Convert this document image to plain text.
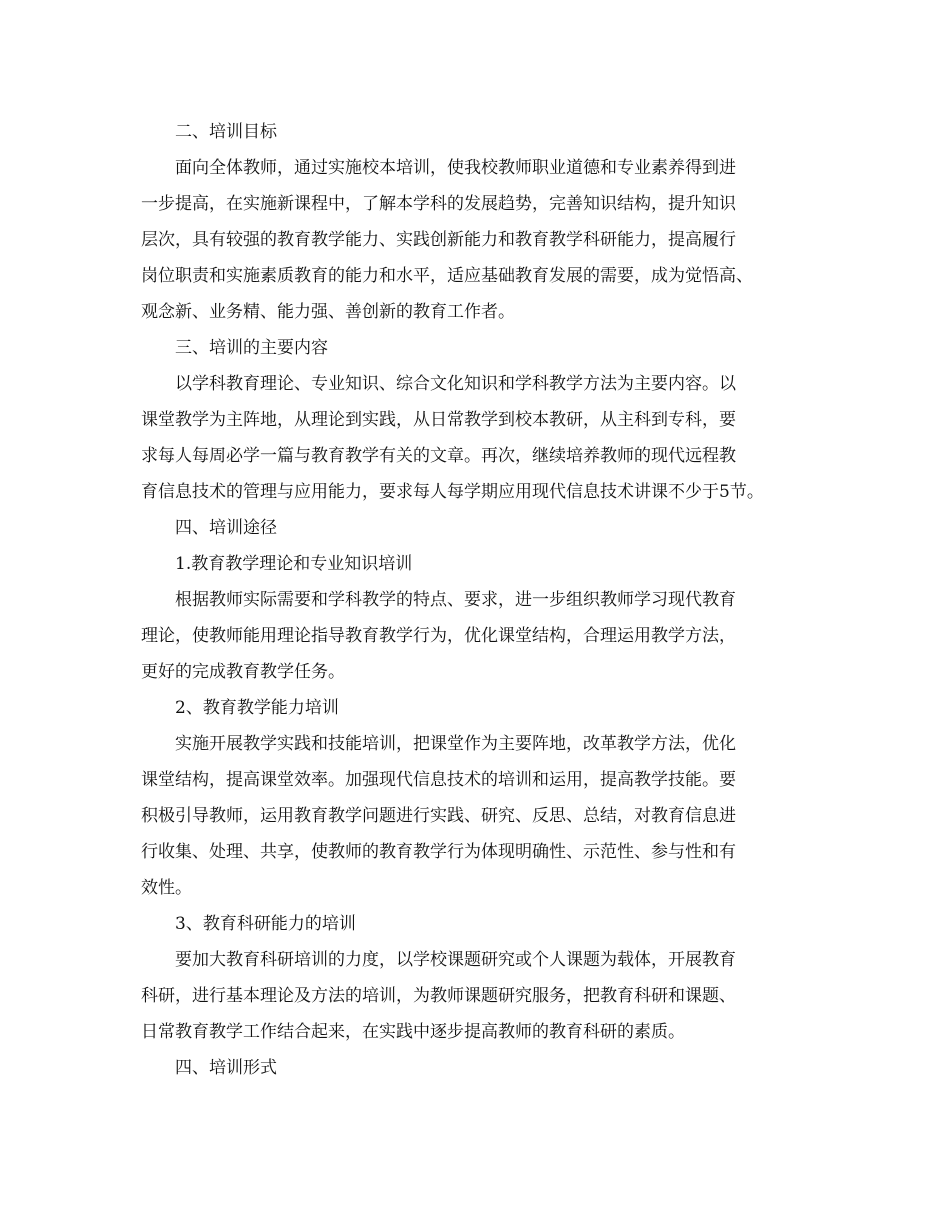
二、培训目标
面向全体教师，通过实施校本培训，使我校教师职业道德和专业素养得到进
一步提高，在实施新课程中，了解本学科的发展趋势，完善知识结构，提升知识
层次，具有较强的教育教学能力、实践创新能力和教育教学科研能力，提高履行
岗位职责和实施素质教育的能力和水平，适应基础教育发展的需要，成为觉悟高、
观念新、业务精、能力强、善创新的教育工作者。
三、培训的主要内容
以学科教育理论、专业知识、综合文化知识和学科教学方法为主要内容。以
课堂教学为主阵地，从理论到实践，从日常教学到校本教研，从主科到专科，要
求每人每周必学一篇与教育教学有关的文章。再次，继续培养教师的现代远程教
育信息技术的管理与应用能力，要求每人每学期应用现代信息技术讲课不少于5节。
四、培训途径
1.教育教学理论和专业知识培训
根据教师实际需要和学科教学的特点、要求，进一步组织教师学习现代教育
理论，使教师能用理论指导教育教学行为，优化课堂结构，合理运用教学方法，
更好的完成教育教学任务。
2、教育教学能力培训
实施开展教学实践和技能培训，把课堂作为主要阵地，改革教学方法，优化
课堂结构，提高课堂效率。加强现代信息技术的培训和运用，提高教学技能。要
积极引导教师，运用教育教学问题进行实践、研究、反思、总结，对教育信息进
行收集、处理、共享，使教师的教育教学行为体现明确性、示范性、参与性和有
效性。
3、教育科研能力的培训
要加大教育科研培训的力度，以学校课题研究或个人课题为载体，开展教育
科研，进行基本理论及方法的培训，为教师课题研究服务，把教育科研和课题、
日常教育教学工作结合起来，在实践中逐步提高教师的教育科研的素质。
四、培训形式
